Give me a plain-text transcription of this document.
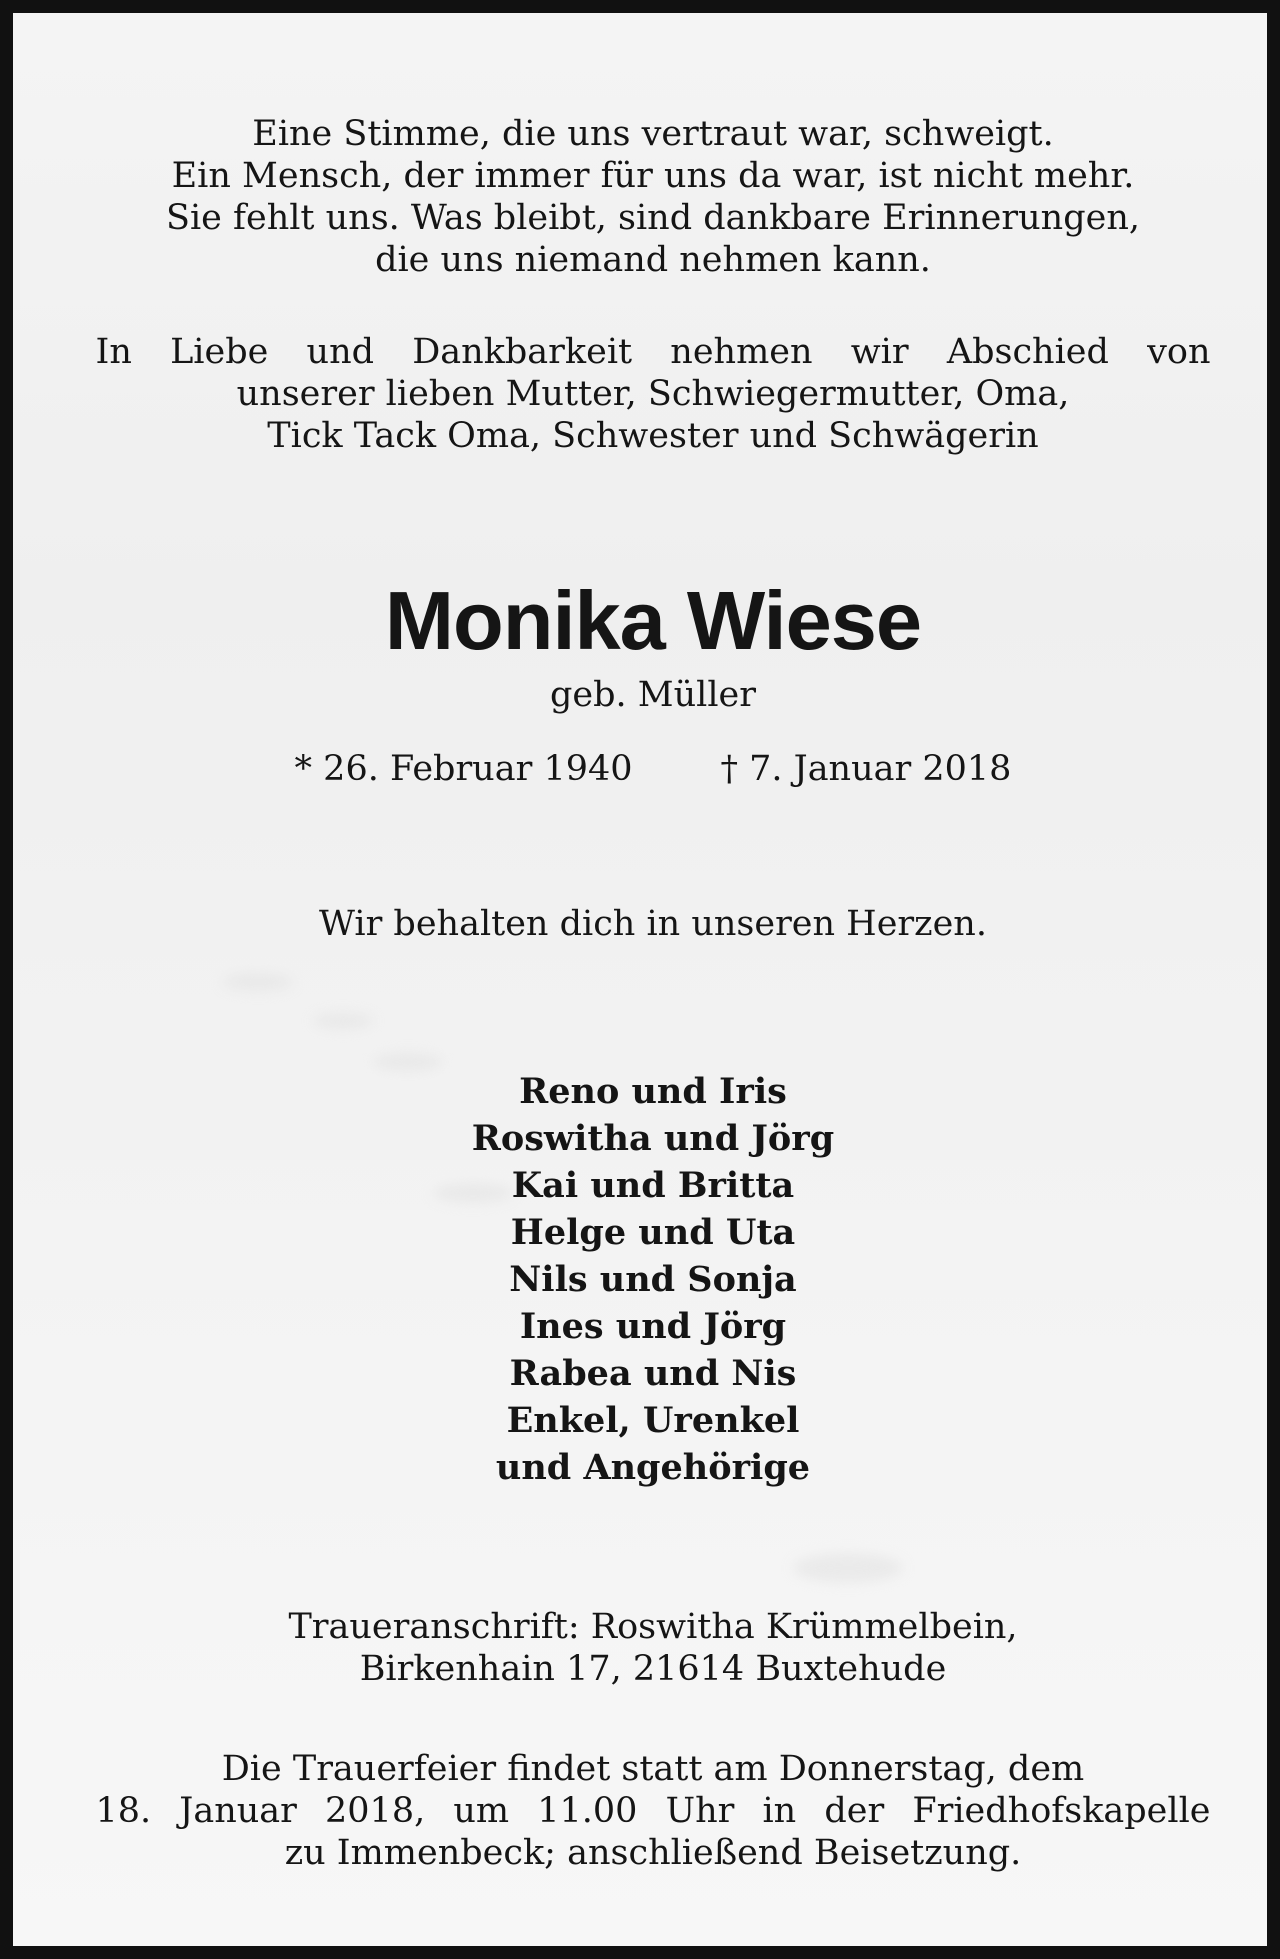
Eine Stimme, die uns vertraut war, schweigt.
Ein Mensch, der immer für uns da war, ist nicht mehr.
Sie fehlt uns. Was bleibt, sind dankbare Erinnerungen,
die uns niemand nehmen kann.
In Liebe und Dankbarkeit nehmen wir Abschied von
unserer lieben Mutter, Schwiegermutter, Oma,
Tick Tack Oma, Schwester und Schwägerin
Monika Wiese
geb. Müller
* 26. Februar 1940	† 7. Januar 2018
Wir behalten dich in unseren Herzen.
Reno und Iris
Roswitha und Jörg
Kai und Britta
Helge und Uta
Nils und Sonja
Ines und Jörg
Rabea und Nis
Enkel, Urenkel
und Angehörige
Traueranschrift: Roswitha Krümmelbein,
Birkenhain 17, 21614 Buxtehude
Die Trauerfeier findet statt am Donnerstag, dem
18. Januar 2018, um 11.00 Uhr in der Friedhofskapelle
zu Immenbeck; anschließend Beisetzung.
